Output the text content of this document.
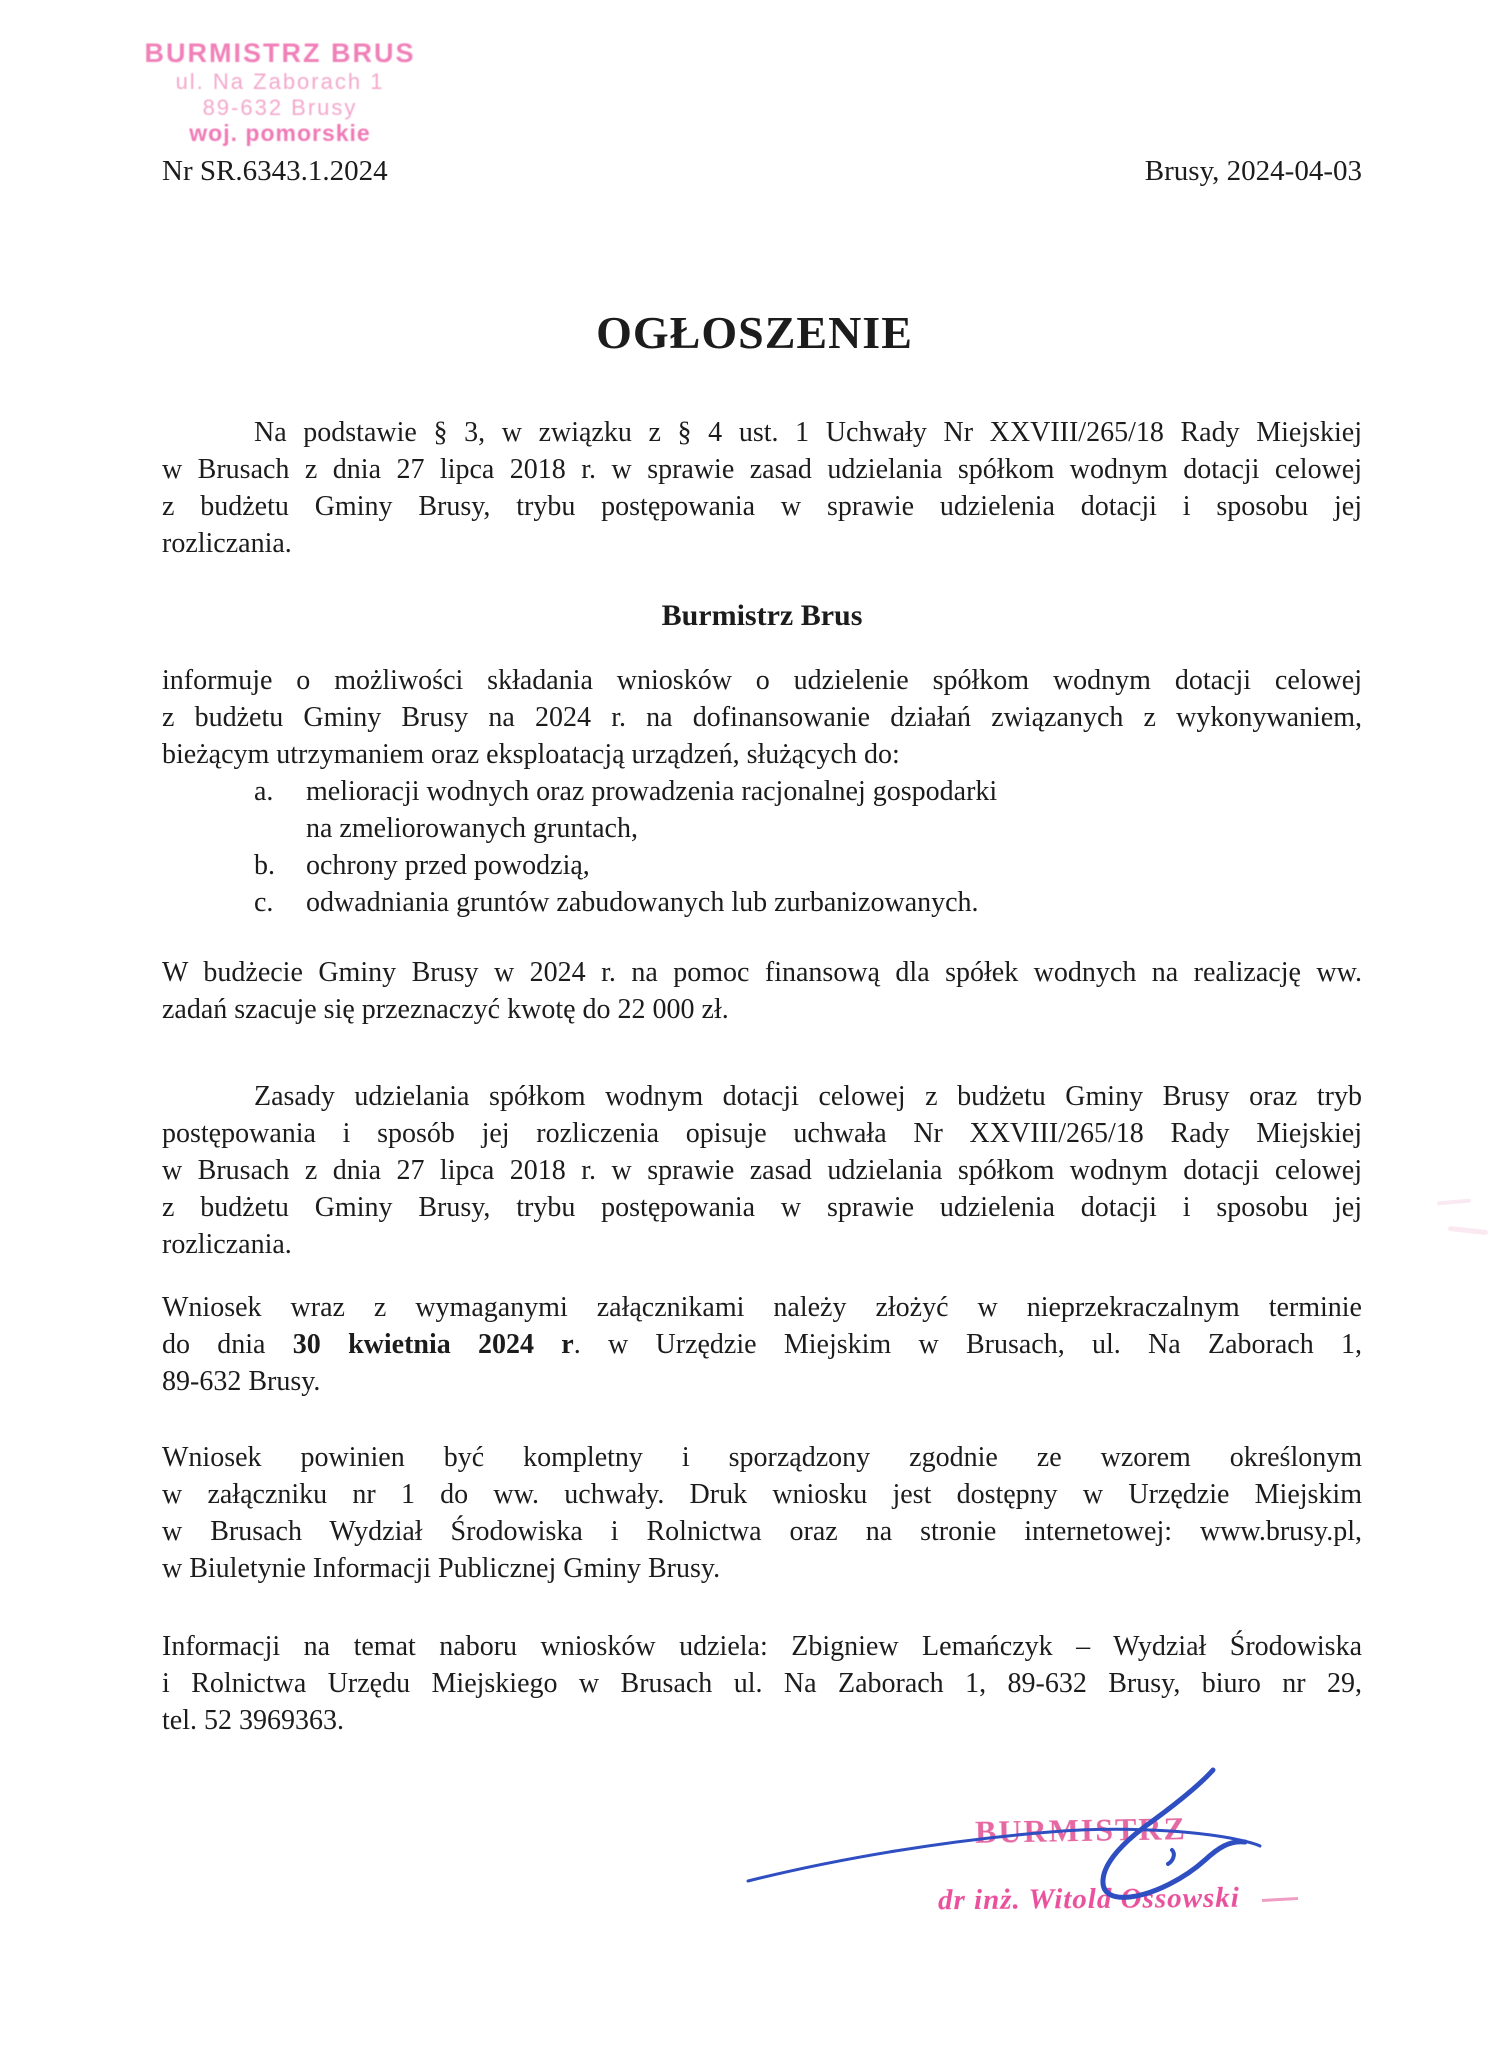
BURMISTRZ BRUS
ul. Na Zaborach 1
89-632 Brusy
woj. pomorskie
Nr SR.6343.1.2024	Brusy, 2024-04-03
OGŁOSZENIE
Na podstawie § 3, w związku z § 4 ust. 1 Uchwały Nr XXVIII/265/18 Rady Miejskiej
w Brusach z dnia 27 lipca 2018 r. w sprawie zasad udzielania spółkom wodnym dotacji celowej
z budżetu Gminy Brusy, trybu postępowania w sprawie udzielenia dotacji i sposobu jej
rozliczania.
Burmistrz Brus
informuje o możliwości składania wniosków o udzielenie spółkom wodnym dotacji celowej
z budżetu Gminy Brusy na 2024 r. na dofinansowanie działań związanych z wykonywaniem,
bieżącym utrzymaniem oraz eksploatacją urządzeń, służących do:
a.	melioracji wodnych oraz prowadzenia racjonalnej gospodarki
na zmeliorowanych gruntach,
b.	ochrony przed powodzią,
c.	odwadniania gruntów zabudowanych lub zurbanizowanych.
W budżecie Gminy Brusy w 2024 r. na pomoc finansową dla spółek wodnych na realizację ww.
zadań szacuje się przeznaczyć kwotę do 22 000 zł.
Zasady udzielania spółkom wodnym dotacji celowej z budżetu Gminy Brusy oraz tryb
postępowania i sposób jej rozliczenia opisuje uchwała Nr XXVIII/265/18 Rady Miejskiej
w Brusach z dnia 27 lipca 2018 r. w sprawie zasad udzielania spółkom wodnym dotacji celowej
z budżetu Gminy Brusy, trybu postępowania w sprawie udzielenia dotacji i sposobu jej
rozliczania.
Wniosek wraz z wymaganymi załącznikami należy złożyć w nieprzekraczalnym terminie
do dnia 30 kwietnia 2024 r. w Urzędzie Miejskim w Brusach, ul. Na Zaborach 1,
89-632 Brusy.
Wniosek powinien być kompletny i sporządzony zgodnie ze wzorem określonym
w załączniku nr 1 do ww. uchwały. Druk wniosku jest dostępny w Urzędzie Miejskim
w Brusach Wydział Środowiska i Rolnictwa oraz na stronie internetowej: www.brusy.pl,
w Biuletynie Informacji Publicznej Gminy Brusy.
Informacji na temat naboru wniosków udziela: Zbigniew Lemańczyk – Wydział Środowiska
i Rolnictwa Urzędu Miejskiego w Brusach ul. Na Zaborach 1, 89-632 Brusy, biuro nr 29,
tel. 52 3969363.
BURMISTRZ
dr inż. Witold Ossowski
